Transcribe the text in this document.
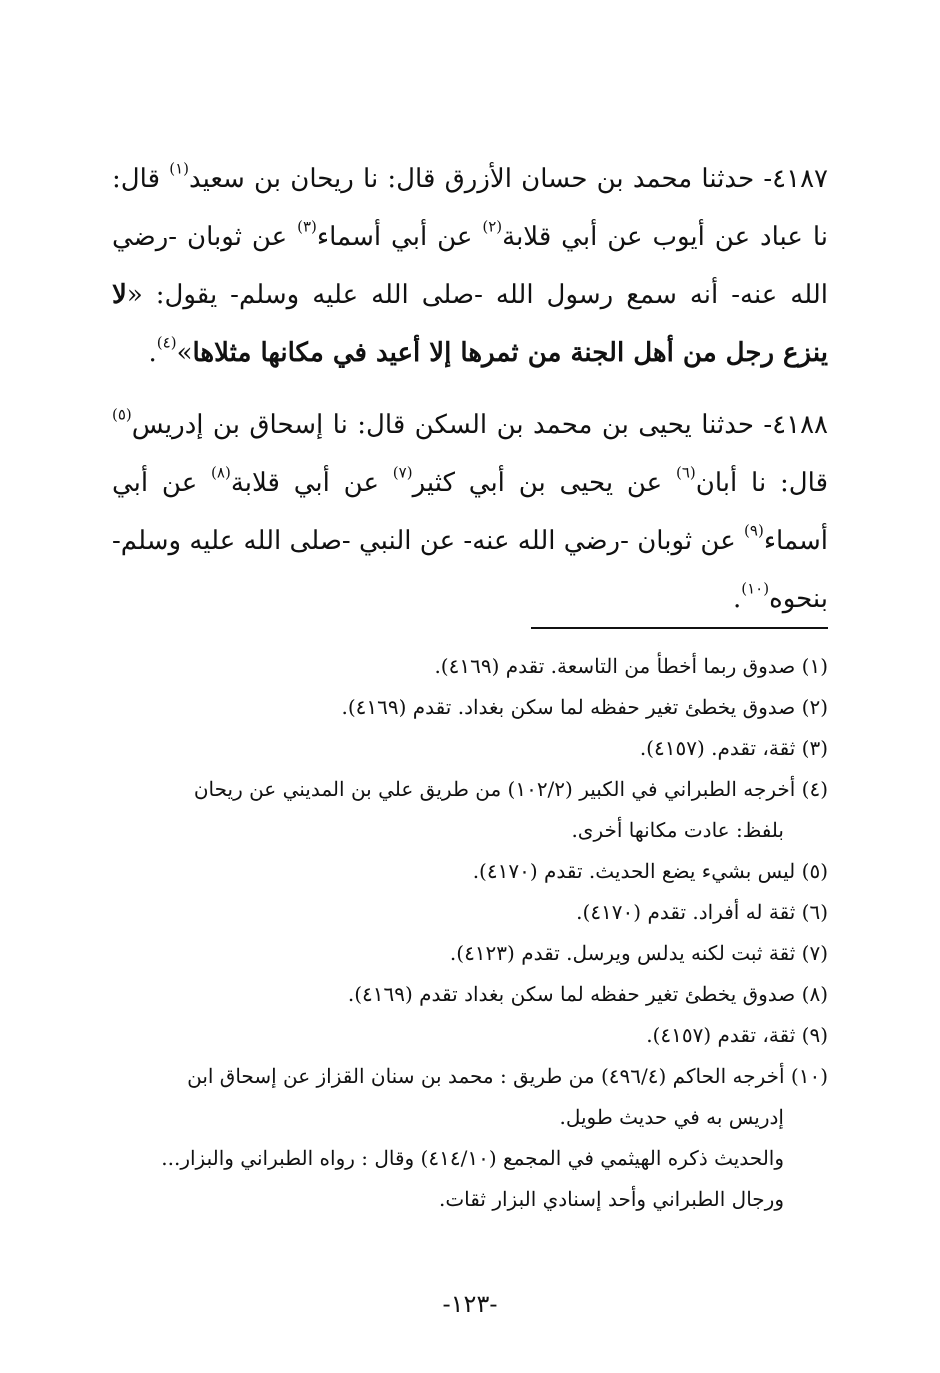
٤١٨٧- حدثنا محمد بن حسان الأزرق قال: نا ريحان بن سعيد$^{(١)}$ قال: نا عباد عن أيوب عن أبي قلابة$^{(٢)}$ عن أبي أسماء$^{(٣)}$ عن ثوبان -رضي الله عنه- أنه سمع رسول الله -صلى الله عليه وسلم- يقول: «لا ينزع رجل من أهل الجنة من ثمرها إلا أعيد في مكانها مثلاها»$^{(٤)}$.

٤١٨٨- حدثنا يحيى بن محمد بن السكن قال: نا إسحاق بن إدريس$^{(٥)}$ قال: نا أبان$^{(٦)}$ عن يحيى بن أبي كثير$^{(٧)}$ عن أبي قلابة$^{(٨)}$ عن أبي أسماء$^{(٩)}$ عن ثوبان -رضي الله عنه- عن النبي -صلى الله عليه وسلم- بنحوه$^{(١٠)}$.

(١) صدوق ربما أخطأ من التاسعة. تقدم (٤١٦٩).

(٢) صدوق يخطئ تغير حفظه لما سكن بغداد. تقدم (٤١٦٩).

(٣) ثقة، تقدم. (٤١٥٧).

(٤) أخرجه الطبراني في الكبير (١٠٢/٢) من طريق علي بن المديني عن ريحان

بلفظ: عادت مكانها أخرى.

(٥) ليس بشيء يضع الحديث. تقدم (٤١٧٠).

(٦) ثقة له أفراد. تقدم (٤١٧٠).

(٧) ثقة ثبت لكنه يدلس ويرسل. تقدم (٤١٢٣).

(٨) صدوق يخطئ تغير حفظه لما سكن بغداد تقدم (٤١٦٩).

(٩) ثقة، تقدم (٤١٥٧).

(١٠) أخرجه الحاكم (٤٩٦/٤) من طريق : محمد بن سنان القزاز عن إسحاق ابن

إدريس به في حديث طويل.

والحديث ذكره الهيثمي في المجمع (٤١٤/١٠) وقال : رواه الطبراني والبزار...

ورجال الطبراني وأحد إسنادي البزار ثقات.

-١٢٣-
